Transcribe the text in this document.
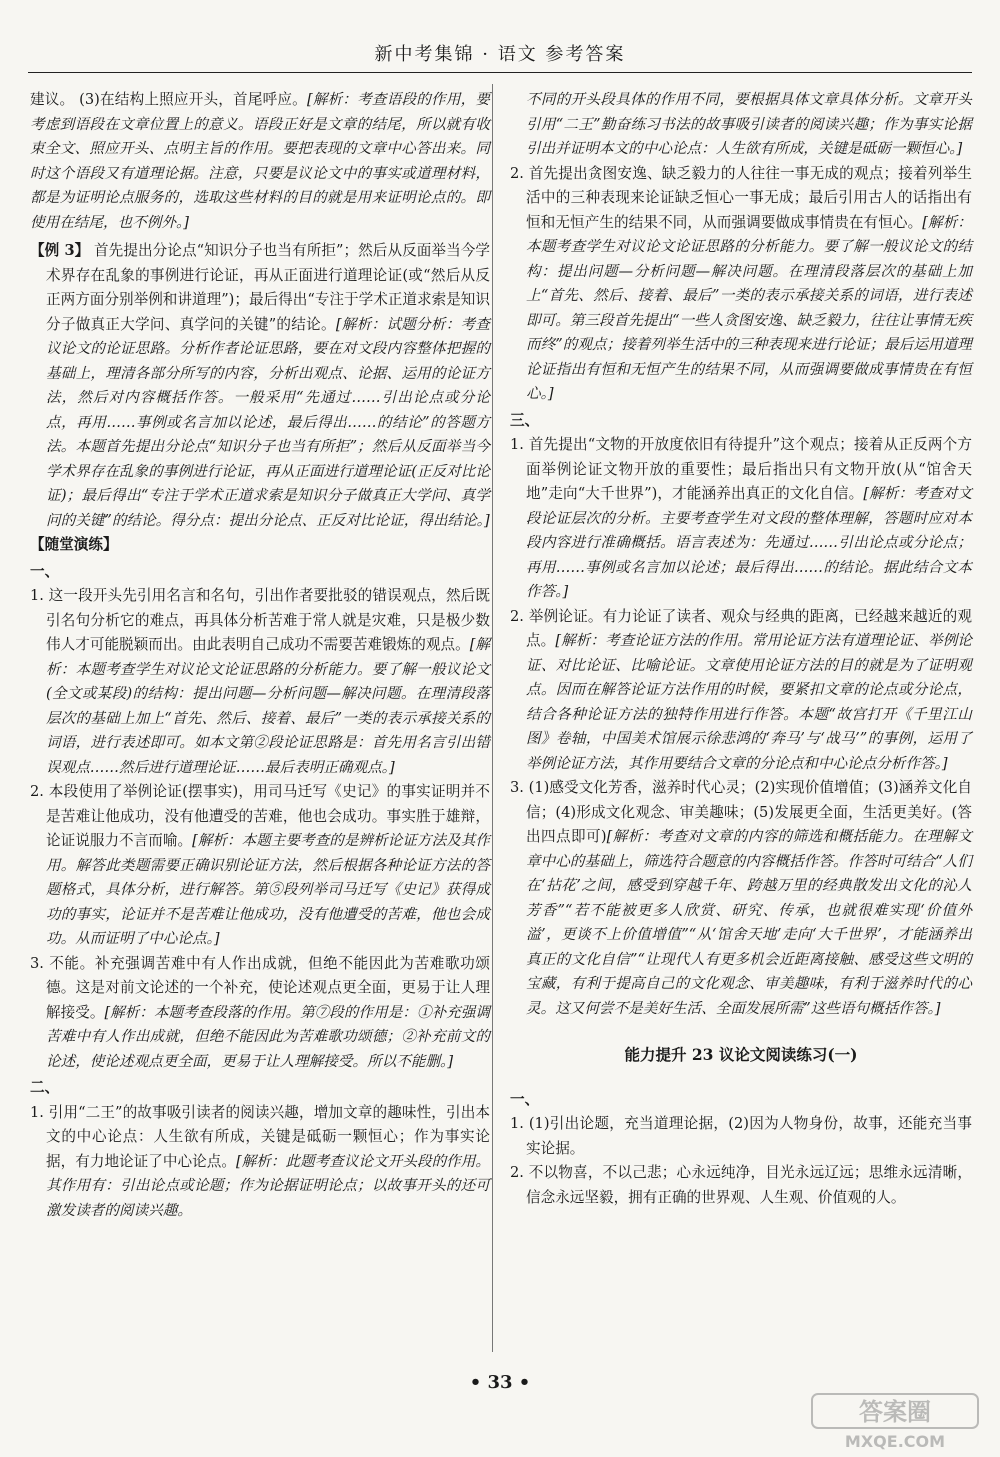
新中考集锦 · 语文 参考答案

建议。 (3)在结构上照应开头，首尾呼应。[解析：考查语段的作用，要考虑到语段在文章位置上的意义。语段正好是文章的结尾，所以就有收束全文、照应开头、点明主旨的作用。要把表现的文章中心答出来。同时这个语段又有道理论据。注意，只要是议论文中的事实或道理材料，都是为证明论点服务的，选取这些材料的目的就是用来证明论点的。即使用在结尾，也不例外。]

【例 3】 首先提出分论点“知识分子也当有所拒”；然后从反面举当今学术界存在乱象的事例进行论证，再从正面进行道理论证(或“然后从反正两方面分别举例和讲道理”)；最后得出“专注于学术正道求索是知识分子做真正大学问、真学问的关键”的结论。[解析：试题分析：考查议论文的论证思路。分析作者论证思路，要在对文段内容整体把握的基础上，理清各部分所写的内容，分析出观点、论据、运用的论证方法，然后对内容概括作答。一般采用“先通过……引出论点或分论点，再用……事例或名言加以论述，最后得出……的结论”的答题方法。本题首先提出分论点“知识分子也当有所拒”；然后从反面举当今学术界存在乱象的事例进行论证，再从正面进行道理论证(正反对比论证)；最后得出“专注于学术正道求索是知识分子做真正大学问、真学问的关键”的结论。得分点：提出分论点、正反对比论证，得出结论。]

【随堂演练】

一、

1. 这一段开头先引用名言和名句，引出作者要批驳的错误观点，然后既引名句分析它的难点，再具体分析苦难于常人就是灾难，只是极少数伟人才可能脱颖而出。由此表明自己成功不需要苦难锻炼的观点。[解析：本题考查学生对议论文论证思路的分析能力。要了解一般议论文(全文或某段)的结构：提出问题—分析问题—解决问题。在理清段落层次的基础上加上“首先、然后、接着、最后”一类的表示承接关系的词语，进行表述即可。如本文第②段论证思路是：首先用名言引出错误观点……然后进行道理论证……最后表明正确观点。]

2. 本段使用了举例论证(摆事实)，用司马迁写《史记》的事实证明并不是苦难让他成功，没有他遭受的苦难，他也会成功。事实胜于雄辩，论证说服力不言而喻。[解析：本题主要考查的是辨析论证方法及其作用。解答此类题需要正确识别论证方法，然后根据各种论证方法的答题格式，具体分析，进行解答。第⑤段列举司马迁写《史记》获得成功的事实，论证并不是苦难让他成功，没有他遭受的苦难，他也会成功。从而证明了中心论点。]

3. 不能。补充强调苦难中有人作出成就，但绝不能因此为苦难歌功颂德。这是对前文论述的一个补充，使论述观点更全面，更易于让人理解接受。[解析：本题考查段落的作用。第⑦段的作用是：①补充强调苦难中有人作出成就，但绝不能因此为苦难歌功颂德；②补充前文的论述，使论述观点更全面，更易于让人理解接受。所以不能删。]

二、

1. 引用“二王”的故事吸引读者的阅读兴趣，增加文章的趣味性，引出本文的中心论点：人生欲有所成，关键是砥砺一颗恒心；作为事实论据，有力地论证了中心论点。[解析：此题考查议论文开头段的作用。其作用有：引出论点或论题；作为论据证明论点；以故事开头的还可激发读者的阅读兴趣。

不同的开头段具体的作用不同，要根据具体文章具体分析。文章开头引用“二王”勤奋练习书法的故事吸引读者的阅读兴趣；作为事实论据引出并证明本文的中心论点：人生欲有所成，关键是砥砺一颗恒心。]

2. 首先提出贪图安逸、缺乏毅力的人往往一事无成的观点；接着列举生活中的三种表现来论证缺乏恒心一事无成；最后引用古人的话指出有恒和无恒产生的结果不同，从而强调要做成事情贵在有恒心。[解析：本题考查学生对议论文论证思路的分析能力。要了解一般议论文的结构：提出问题—分析问题—解决问题。在理清段落层次的基础上加上“首先、然后、接着、最后”一类的表示承接关系的词语，进行表述即可。第三段首先提出“一些人贪图安逸、缺乏毅力，往往让事情无疾而终”的观点；接着列举生活中的三种表现来进行论证；最后运用道理论证指出有恒和无恒产生的结果不同，从而强调要做成事情贵在有恒心。]

三、

1. 首先提出“文物的开放度依旧有待提升”这个观点；接着从正反两个方面举例论证文物开放的重要性；最后指出只有文物开放(从“馆舍天地”走向“大千世界”)，才能涵养出真正的文化自信。[解析：考查对文段论证层次的分析。主要考查学生对文段的整体理解，答题时应对本段内容进行准确概括。语言表述为：先通过……引出论点或分论点；再用……事例或名言加以论述；最后得出……的结论。据此结合文本作答。]

2. 举例论证。有力论证了读者、观众与经典的距离，已经越来越近的观点。[解析：考查论证方法的作用。常用论证方法有道理论证、举例论证、对比论证、比喻论证。文章使用论证方法的目的就是为了证明观点。因而在解答论证方法作用的时候，要紧扣文章的论点或分论点，结合各种论证方法的独特作用进行作答。本题“故宫打开《千里江山图》卷轴，中国美术馆展示徐悲鸿的‘奔马’与‘战马’”的事例，运用了举例论证方法，其作用要结合文章的分论点和中心论点分析作答。]

3. (1)感受文化芳香，滋养时代心灵；(2)实现价值增值；(3)涵养文化自信；(4)形成文化观念、审美趣味；(5)发展更全面，生活更美好。(答出四点即可)[解析：考查对文章的内容的筛选和概括能力。在理解文章中心的基础上，筛选符合题意的内容概括作答。作答时可结合“人们在‘拈花’之间，感受到穿越千年、跨越万里的经典散发出文化的沁人芳香”“若不能被更多人欣赏、研究、传承，也就很难实现‘价值外溢’，更谈不上价值增值”“从‘馆舍天地’走向‘大千世界’，才能涵养出真正的文化自信”“让现代人有更多机会近距离接触、感受这些文明的宝藏，有利于提高自己的文化观念、审美趣味，有利于滋养时代的心灵。这又何尝不是美好生活、全面发展所需”这些语句概括作答。]

能力提升 23 议论文阅读练习(一)

一、

1. (1)引出论题，充当道理论据，(2)因为人物身份，故事，还能充当事实论据。

2. 不以物喜，不以己悲；心永远纯净，目光永远辽远；思维永远清晰，信念永远坚毅，拥有正确的世界观、人生观、价值观的人。

• 33 •
答案圈
MXQE.COM
